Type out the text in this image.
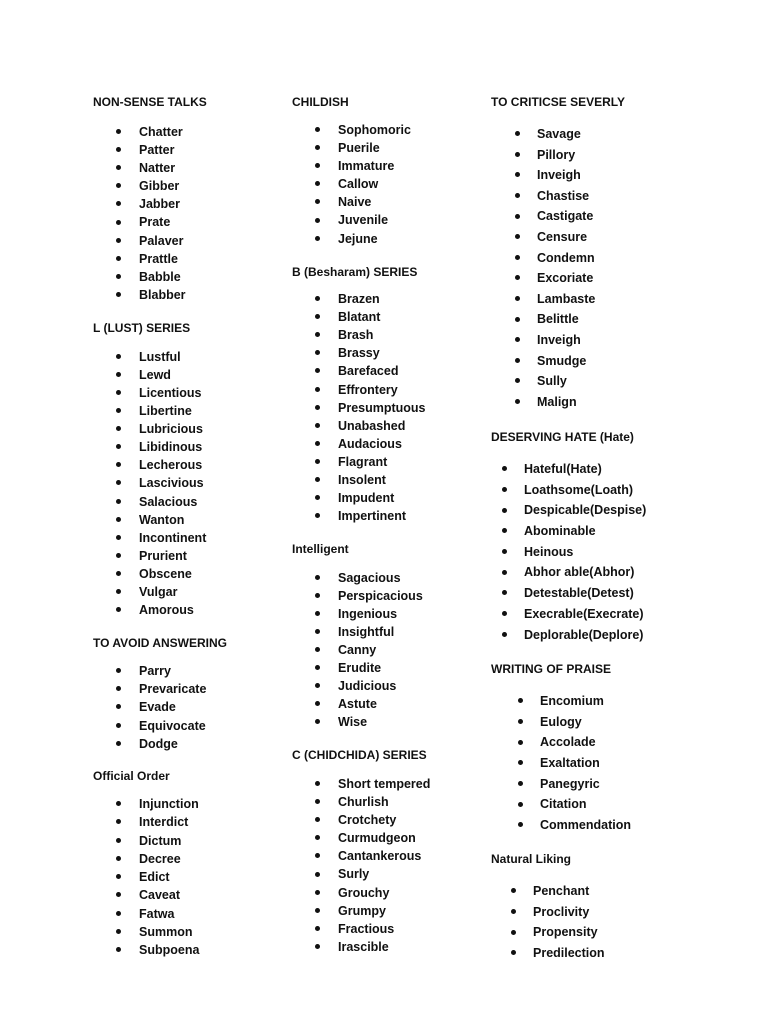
NON-SENSE TALKS
Chatter
Patter
Natter
Gibber
Jabber
Prate
Palaver
Prattle
Babble
Blabber
L (LUST) SERIES
Lustful
Lewd
Licentious
Libertine
Lubricious
Libidinous
Lecherous
Lascivious
Salacious
Wanton
Incontinent
Prurient
Obscene
Vulgar
Amorous
TO AVOID ANSWERING
Parry
Prevaricate
Evade
Equivocate
Dodge
Official Order
Injunction
Interdict
Dictum
Decree
Edict
Caveat
Fatwa
Summon
Subpoena
CHILDISH
Sophomoric
Puerile
Immature
Callow
Naive
Juvenile
Jejune
B (Besharam) SERIES
Brazen
Blatant
Brash
Brassy
Barefaced
Effrontery
Presumptuous
Unabashed
Audacious
Flagrant
Insolent
Impudent
Impertinent
Intelligent
Sagacious
Perspicacious
Ingenious
Insightful
Canny
Erudite
Judicious
Astute
Wise
C (CHIDCHIDA) SERIES
Short tempered
Churlish
Crotchety
Curmudgeon
Cantankerous
Surly
Grouchy
Grumpy
Fractious
Irascible
TO CRITICSE SEVERLY
Savage
Pillory
Inveigh
Chastise
Castigate
Censure
Condemn
Excoriate
Lambaste
Belittle
Inveigh
Smudge
Sully
Malign
DESERVING HATE (Hate)
Hateful(Hate)
Loathsome(Loath)
Despicable(Despise)
Abominable
Heinous
Abhor able(Abhor)
Detestable(Detest)
Execrable(Execrate)
Deplorable(Deplore)
WRITING OF PRAISE
Encomium
Eulogy
Accolade
Exaltation
Panegyric
Citation
Commendation
Natural Liking
Penchant
Proclivity
Propensity
Predilection
